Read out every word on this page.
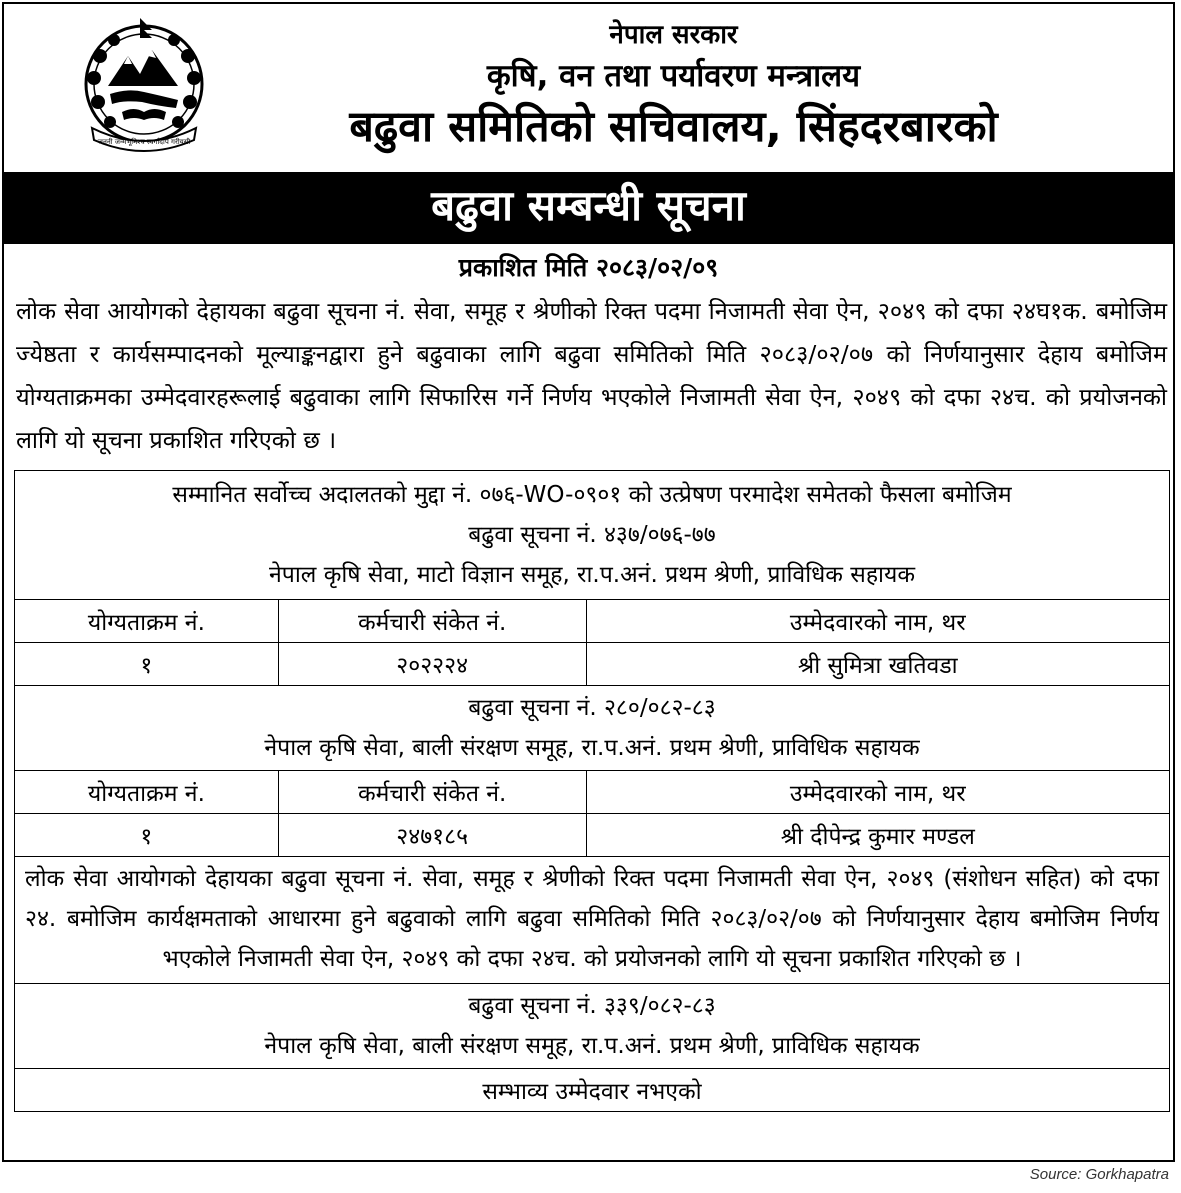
जननी जन्मभूमिश्च स्वर्गादपि गरीयसी
नेपाल सरकार
कृषि, वन तथा पर्यावरण मन्त्रालय
बढुवा समितिको सचिवालय, सिंहदरबारको
बढुवा सम्बन्धी सूचना
प्रकाशित मिति २०८३/०२/०९
लोक सेवा आयोगको देहायका बढुवा सूचना नं. सेवा, समूह र श्रेणीको रिक्त पदमा निजामती सेवा ऐन, २०४९ को दफा २४घ१क. बमोजिम ज्येष्ठता र कार्यसम्पादनको मूल्याङ्कनद्वारा हुने बढुवाका लागि बढुवा समितिको मिति २०८३/०२/०७ को निर्णयानुसार देहाय बमोजिम योग्यताक्रमका उम्मेदवारहरूलाई बढुवाका लागि सिफारिस गर्ने निर्णय भएकोले निजामती सेवा ऐन, २०४९ को दफा २४च. को प्रयोजनको लागि यो सूचना प्रकाशित गरिएको छ ।
सम्मानित सर्वोच्च अदालतको मुद्दा नं. ०७६-WO-०९०१ को उत्प्रेषण परमादेश समेतको फैसला बमोजिम
बढुवा सूचना नं. ४३७/०७६-७७
नेपाल कृषि सेवा, माटो विज्ञान समूह, रा.प.अनं. प्रथम श्रेणी, प्राविधिक सहायक		

योग्यताक्रम नं.	कर्मचारी संकेत नं.	उम्मेदवारको नाम, थर
१	२०२२२४	श्री सुमित्रा खतिवडा

बढुवा सूचना नं. २८०/०८२-८३
नेपाल कृषि सेवा, बाली संरक्षण समूह, रा.प.अनं. प्रथम श्रेणी, प्राविधिक सहायक		

योग्यताक्रम नं.	कर्मचारी संकेत नं.	उम्मेदवारको नाम, थर
१	२४७१८५	श्री दीपेन्द्र कुमार मण्डल
लोक सेवा आयोगको देहायका बढुवा सूचना नं. सेवा, समूह र श्रेणीको रिक्त पदमा निजामती सेवा ऐन, २०४९ (संशोधन सहित) को दफा २४. बमोजिम कार्यक्षमताको आधारमा हुने बढुवाको लागि बढुवा समितिको मिति २०८३/०२/०७ को निर्णयानुसार देहाय बमोजिम निर्णय भएकोले निजामती सेवा ऐन, २०४९ को दफा २४च. को प्रयोजनको लागि यो सूचना प्रकाशित गरिएको छ ।		

बढुवा सूचना नं. ३३९/०८२-८३
नेपाल कृषि सेवा, बाली संरक्षण समूह, रा.प.अनं. प्रथम श्रेणी, प्राविधिक सहायक		

सम्भाव्य उम्मेदवार नभएको		
Source: Gorkhapatra
